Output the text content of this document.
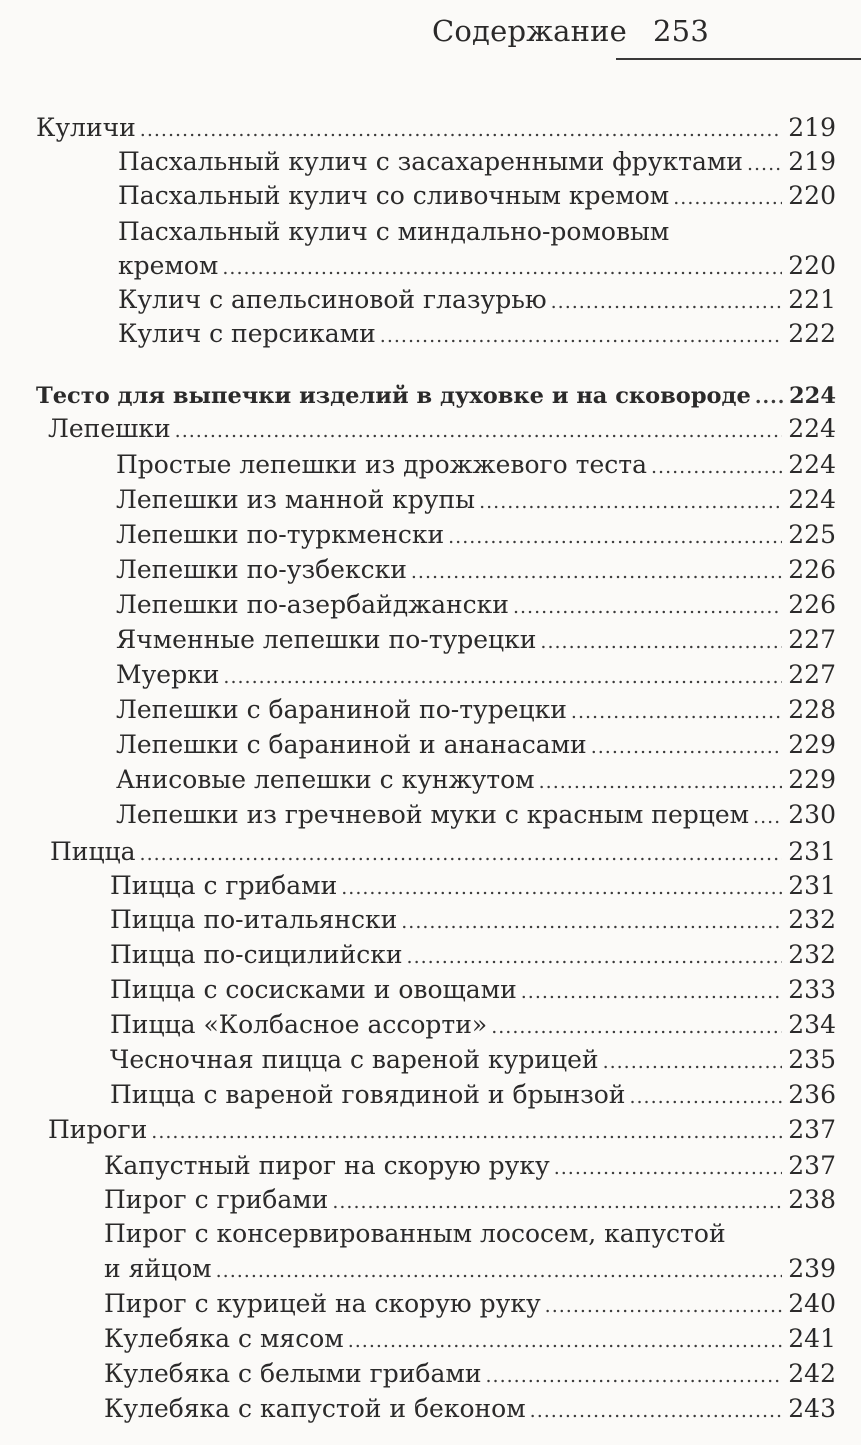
Содержание 253
Куличи .....	219
Пасхальный кулич с засахаренными фруктами ..... 219
Пасхальный кулич со сливочным кремом .....	220
Пасхальный кулич с миндально-ромовым
кремом .....	220
Кулич с апельсиновой глазурью .....	221
Кулич с персиками .....	222
Тесто для выпечки изделий в духовке и на сковороде ..... 224
Лепешки .....	224
Простые лепешки из дрожжевого теста .....	224
Лепешки из манной крупы .....	224
Лепешки по-туркменски .....	225
Лепешки по-узбекски .....	226
Лепешки по-азербайджански .....	226
Ячменные лепешки по-турецки .....	227
Муерки .....	227
Лепешки с бараниной по-турецки .....	228
Лепешки с бараниной и ананасами .....	229
Анисовые лепешки с кунжутом .....	229
Лепешки из гречневой муки с красным перцем ..... 230
Пицца .....	231
Пицца с грибами .....	231
Пицца по-итальянски .....	232
Пицца по-сицилийски .....	232
Пицца с сосисками и овощами .....	233
Пицца «Колбасное ассорти» .....	234
Чесночная пицца с вареной курицей .....	235
Пицца с вареной говядиной и брынзой .....	236
Пироги .....	237
Капустный пирог на скорую руку .....	237
Пирог с грибами .....	238
Пирог с консервированным лососем, капустой
и яйцом .....	239
Пирог с курицей на скорую руку .....	240
Кулебяка с мясом .....	241
Кулебяка с белыми грибами .....	242
Кулебяка с капустой и беконом .....	243
